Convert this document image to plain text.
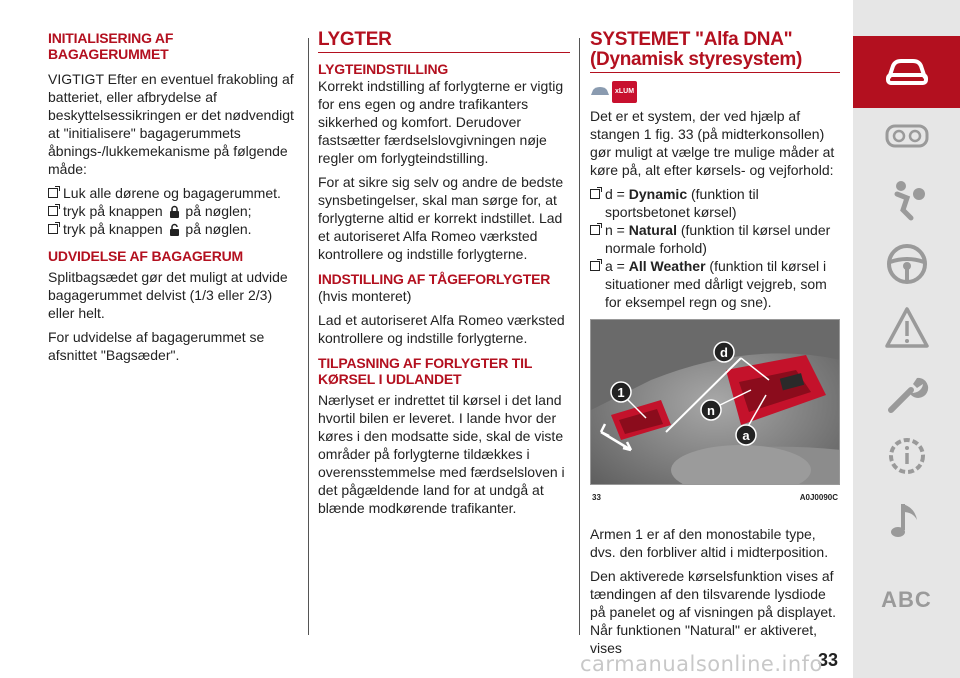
INITIALISERING AF BAGAGERUMMET

VIGTIGT Efter en eventuel frakobling af batteriet, eller afbrydelse af beskyttelsessikringen er det nødvendigt at "initialisere" bagagerummets åbnings-/lukkemekanisme på følgende måde:

Luk alle dørene og bagagerummet.
tryk på knappen på nøglen;
tryk på knappen på nøglen.
UDVIDELSE AF BAGAGERUM

Splitbagsædet gør det muligt at udvide bagagerummet delvist (1/3 eller 2/3) eller helt.

For udvidelse af bagagerummet se afsnittet "Bagsæder".

LYGTER
LYGTEINDSTILLING

Korrekt indstilling af forlygterne er vigtig for ens egen og andre trafikanters sikkerhed og komfort. Derudover fastsætter færdselslovgivningen nøje regler om forlygteindstilling.

For at sikre sig selv og andre de bedste synsbetingelser, skal man sørge for, at forlygterne altid er korrekt indstillet. Lad et autoriseret Alfa Romeo værksted kontrollere og indstille forlygterne.

INDSTILLING AF TÅGEFORLYGTER

(hvis monteret)

Lad et autoriseret Alfa Romeo værksted kontrollere og indstille forlygterne.

TILPASNING AF FORLYGTER TIL KØRSEL I UDLANDET

Nærlyset er indrettet til kørsel i det land hvortil bilen er leveret. I lande hvor der køres i den modsatte side, skal de viste områder på forlygterne tildækkes i overensstemmelse med færdselsloven i det pågældende land for at undgå at blænde modkørende trafikanter.

SYSTEMET "Alfa DNA"
(Dynamisk styresystem)
xLUM

Det er et system, der ved hjælp af stangen 1 fig. 33 (på midterkonsollen) gør muligt at vælge tre mulige måder at køre på, alt efter kørsels- og vejforhold:

d = Dynamic (funktion til sportsbetonet kørsel)
n = Natural (funktion til kørsel under normale forhold)
a = All Weather (funktion til kørsel i situationer med dårligt vejgreb, som for eksempel regn og sne).
1
d
n
a
33	A0J0090C

Armen 1 er af den monostabile type, dvs. den forbliver altid i midterposition.

Den aktiverede kørselsfunktion vises af tændingen af den tilsvarende lysdiode på panelet og af visningen på displayet. Når funktionen "Natural" er aktiveret, vises

ABC
33
carmanualsonline.info
